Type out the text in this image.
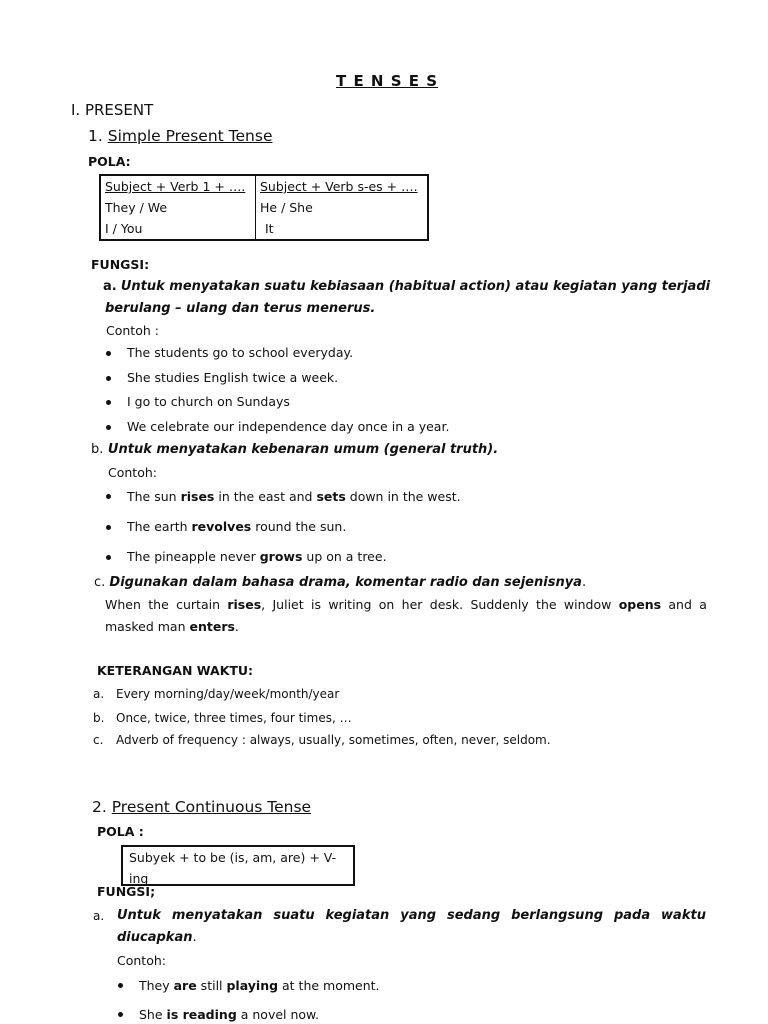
T E N S E S
I. PRESENT
1. Simple Present Tense
POLA:
Subject + Verb 1 + ….	Subject + Verb s-es + ….
They / We	He / She
I / You	It
FUNGSI:
a. Untuk menyatakan suatu kebiasaan (habitual action) atau kegiatan yang terjadi
berulang – ulang dan terus menerus.
Contoh :
The students go to school everyday.
She studies English twice a week.
I go to church on Sundays
We celebrate our independence day once in a year.
b. Untuk menyatakan kebenaran umum (general truth).
Contoh:
The sun rises in the east and sets down in the west.
The earth revolves round the sun.
The pineapple never grows up on a tree.
c. Digunakan dalam bahasa drama, komentar radio dan sejenisnya.
When the curtain rises, Juliet is writing on her desk. Suddenly the window opens and a
masked man enters.
KETERANGAN WAKTU:
a. Every morning/day/week/month/year
b. Once, twice, three times, four times, …
c. Adverb of frequency : always, usually, sometimes, often, never, seldom.
2. Present Continuous Tense
POLA :
Subyek + to be (is, am, are) + V-
ing
FUNGSI;
a. Untuk menyatakan suatu kegiatan yang sedang berlangsung pada waktu
diucapkan.
Contoh:
They are still playing at the moment.
She is reading a novel now.
